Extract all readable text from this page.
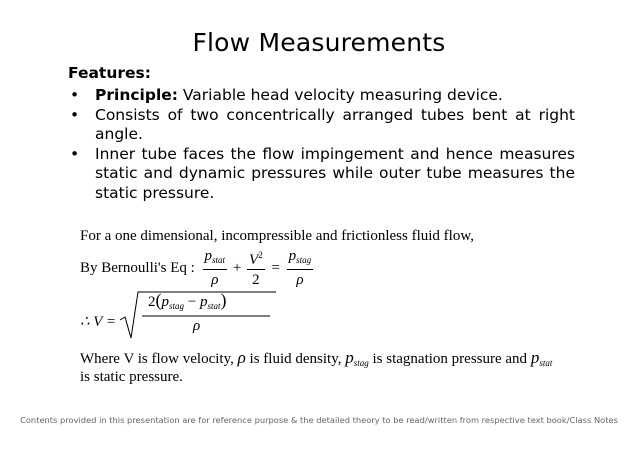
Flow Measurements
Features:
• Principle: Variable head velocity measuring device.
• Consists of two concentrically arranged tubes bent at right angle.
• Inner tube faces the flow impingement and hence measures static and dynamic pressures while outer tube measures the static pressure.
For a one dimensional, incompressible and frictionless fluid flow,
By Bernoulli's Eq : $\frac{p_{stat}}{\rho} + \frac{V^2}{2} = \frac{p_{stag}}{\rho}$
∴ V =
$2(p_{stag} - p_{stat})$
ρ
Where V is flow velocity, ρ is fluid density, $p_{stag}$ is stagnation pressure and $p_{stat}$
is static pressure.
Contents provided in this presentation are for reference purpose & the detailed theory to be read/written from respective text book/Class Notes
